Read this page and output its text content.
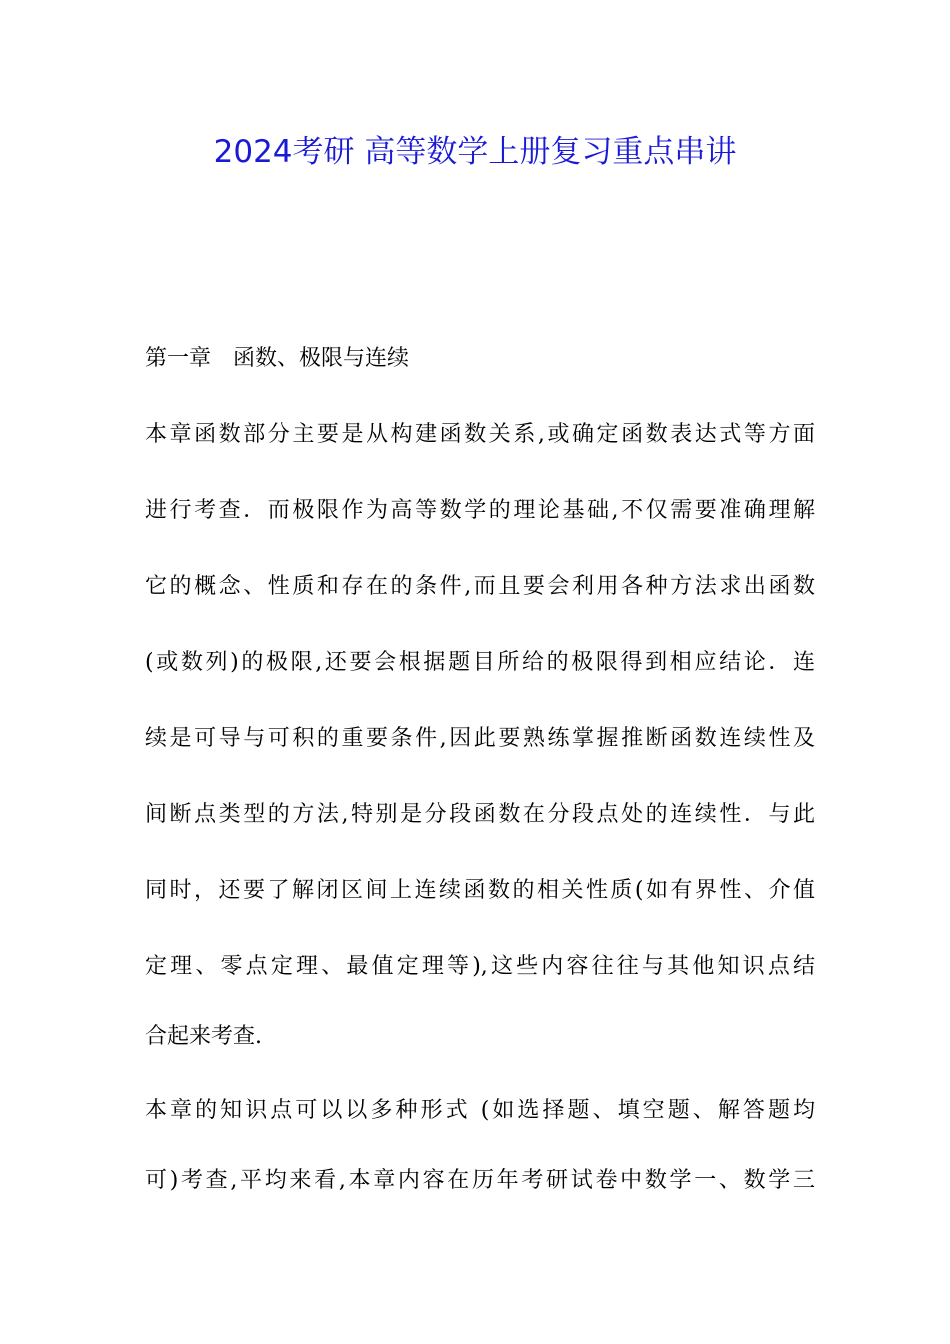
2024考研 高等数学上册复习重点串讲
第一章　函数、极限与连续
本章函数部分主要是从构建函数关系,或确定函数表达式等方面
进行考查．而极限作为高等数学的理论基础,不仅需要准确理解
它的概念、性质和存在的条件,而且要会利用各种方法求出函数
(或数列)的极限,还要会根据题目所给的极限得到相应结论．连
续是可导与可积的重要条件,因此要熟练掌握推断函数连续性及
间断点类型的方法,特别是分段函数在分段点处的连续性．与此
同时，还要了解闭区间上连续函数的相关性质(如有界性、介值
定理、零点定理、最值定理等),这些内容往往与其他知识点结
合起来考查.
本章的知识点可以以多种形式 (如选择题、填空题、解答题均
可)考查,平均来看,本章内容在历年考研试卷中数学一、数学三
